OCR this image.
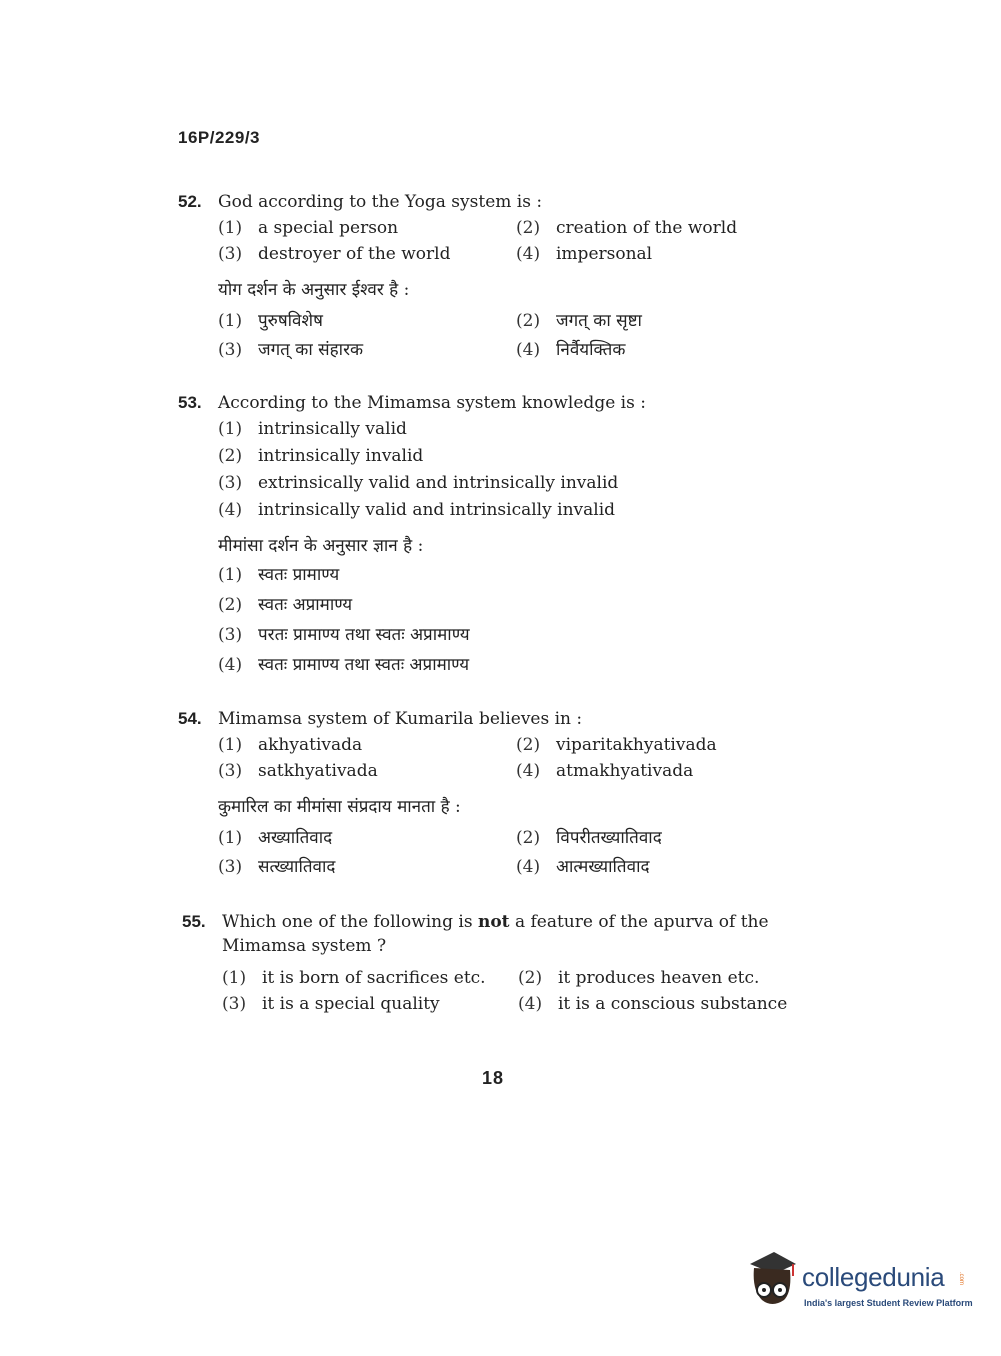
16P/229/3
52. God according to the Yoga system is :
(1) a special person	(2) creation of the world
(3) destroyer of the world	(4) impersonal
योग दर्शन के अनुसार ईश्वर है :
(1) पुरुषविशेष	(2) जगत् का सृष्टा
(3) जगत् का संहारक	(4) निर्वैयक्तिक
53. According to the Mimamsa system knowledge is :
(1) intrinsically valid
(2) intrinsically invalid
(3) extrinsically valid and intrinsically invalid
(4) intrinsically valid and intrinsically invalid
मीमांसा दर्शन के अनुसार ज्ञान है :
(1) स्वतः प्रामाण्य
(2) स्वतः अप्रामाण्य
(3) परतः प्रामाण्य तथा स्वतः अप्रामाण्य
(4) स्वतः प्रामाण्य तथा स्वतः अप्रामाण्य
54. Mimamsa system of Kumarila believes in :
(1) akhyativada	(2) viparitakhyativada
(3) satkhyativada	(4) atmakhyativada
कुमारिल का मीमांसा संप्रदाय मानता है :
(1) अख्यातिवाद	(2) विपरीतख्यातिवाद
(3) सत्ख्यातिवाद	(4) आत्मख्यातिवाद
55. Which one of the following is not a feature of the apurva of the Mimamsa system ?
(1) it is born of sacrifices etc. (2) it produces heaven etc.
(3) it is a special quality	(4) it is a conscious substance
18
collegedunia .com
India's largest Student Review Platform
